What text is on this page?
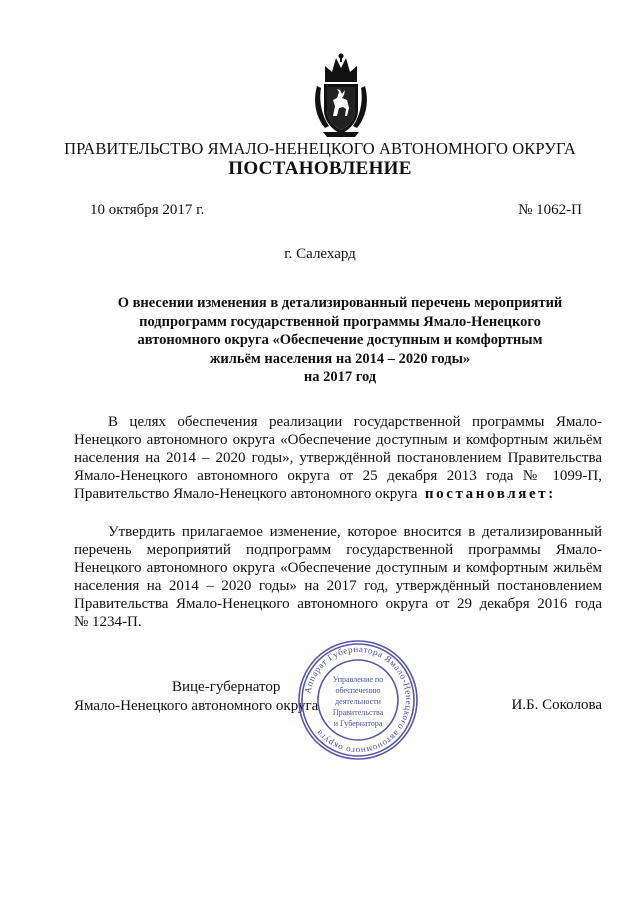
ПРАВИТЕЛЬСТВО ЯМАЛО-НЕНЕЦКОГО АВТОНОМНОГО ОКРУГА
ПОСТАНОВЛЕНИЕ
10 октября 2017 г.	№ 1062-П
г. Салехард
О внесении изменения в детализированный перечень мероприятий
подпрограмм государственной программы Ямало-Ненецкого
автономного округа «Обеспечение доступным и комфортным
жильём населения на 2014 – 2020 годы»
на 2017 год
В целях обеспечения реализации государственной программы Ямало-
Ненецкого автономного округа «Обеспечение доступным и комфортным жильём
населения на 2014 – 2020 годы», утверждённой постановлением Правительства
Ямало-Ненецкого автономного округа от 25 декабря 2013 года № 1099-П,
Правительство Ямало-Ненецкого автономного округа постановляет:
Утвердить прилагаемое изменение, которое вносится в детализированный
перечень мероприятий подпрограмм государственной программы Ямало-
Ненецкого автономного округа «Обеспечение доступным и комфортным жильём
населения на 2014 – 2020 годы» на 2017 год, утверждённый постановлением
Правительства Ямало-Ненецкого автономного округа от 29 декабря 2016 года
№ 1234-П.
Вице-губернатор
Ямало-Ненецкого автономного округа	И.Б. Соколова
Аппарат Губернатора Ямало-Ненецкого автономного округа
Управление по
обеспечению
деятельности
Правительства
и Губернатора
